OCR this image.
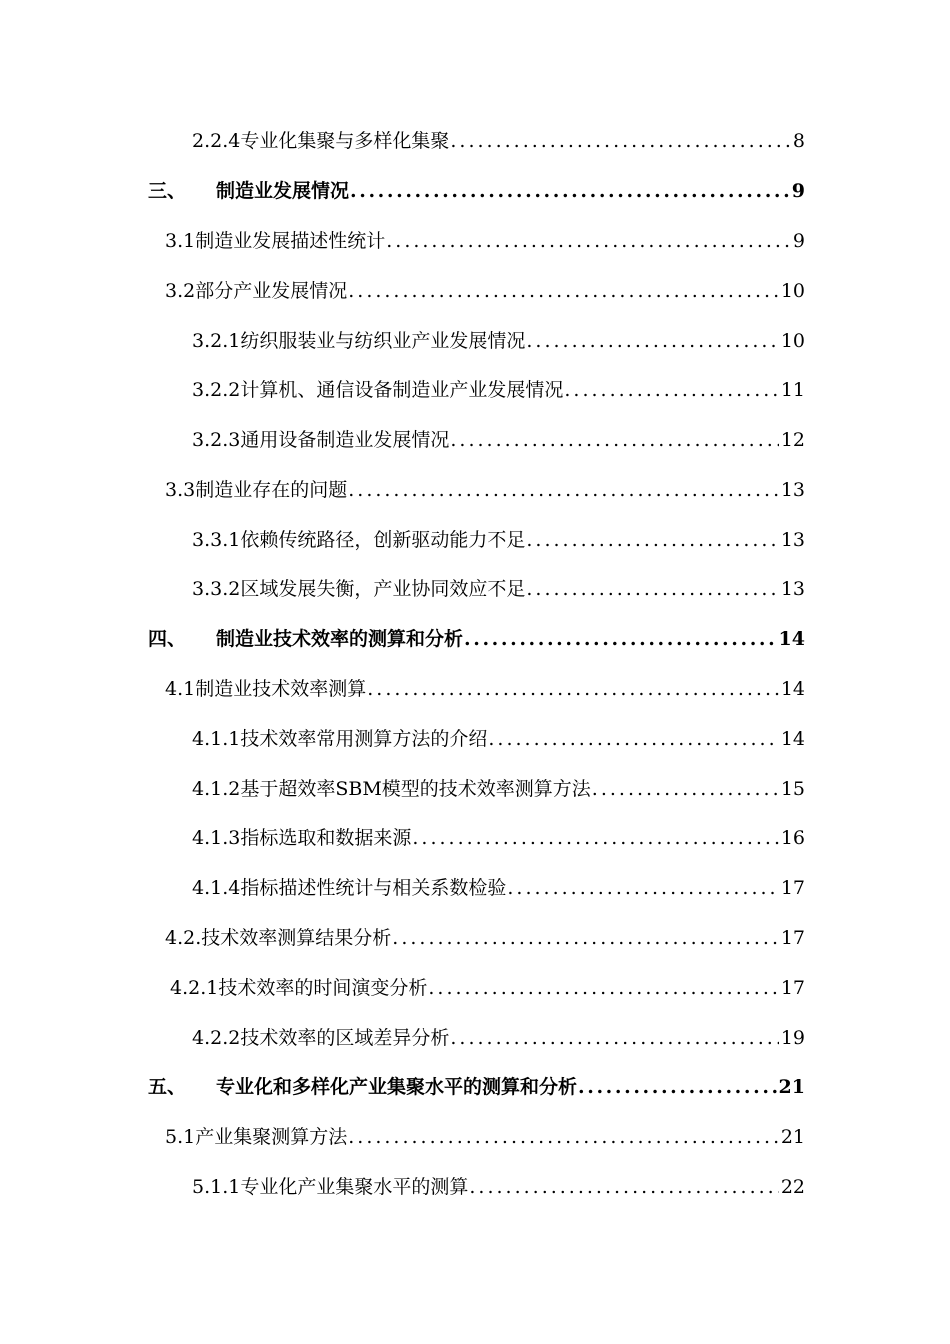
2.2.4 专业化集聚与多样化集聚 .....	8
三、 制造业发展情况 .....	9
3.1 制造业发展描述性统计 .....	9
3.2 部分产业发展情况 .....	10
3.2.1 纺织服装业与纺织业产业发展情况 .....	10
3.2.2 计算机、通信设备制造业产业发展情况 .....	11
3.2.3 通用设备制造业发展情况 .....	12
3.3 制造业存在的问题 .....	13
3.3.1 依赖传统路径，创新驱动能力不足 .....	13
3.3.2 区域发展失衡，产业协同效应不足 .....	13
四、 制造业技术效率的测算和分析 .....	14
4.1 制造业技术效率测算 .....	14
4.1.1 技术效率常用测算方法的介绍 .....	14
4.1.2 基于超效率SBM模型的技术效率测算方法 .....	15
4.1.3 指标选取和数据来源 .....	16
4.1.4 指标描述性统计与相关系数检验 .....	17
4.2. 技术效率测算结果分析 .....	17
4.2.1 技术效率的时间演变分析 .....	17
4.2.2 技术效率的区域差异分析 .....	19
五、 专业化和多样化产业集聚水平的测算和分析 .....	21
5.1 产业集聚测算方法 .....	21
5.1.1 专业化产业集聚水平的测算 .....	22
